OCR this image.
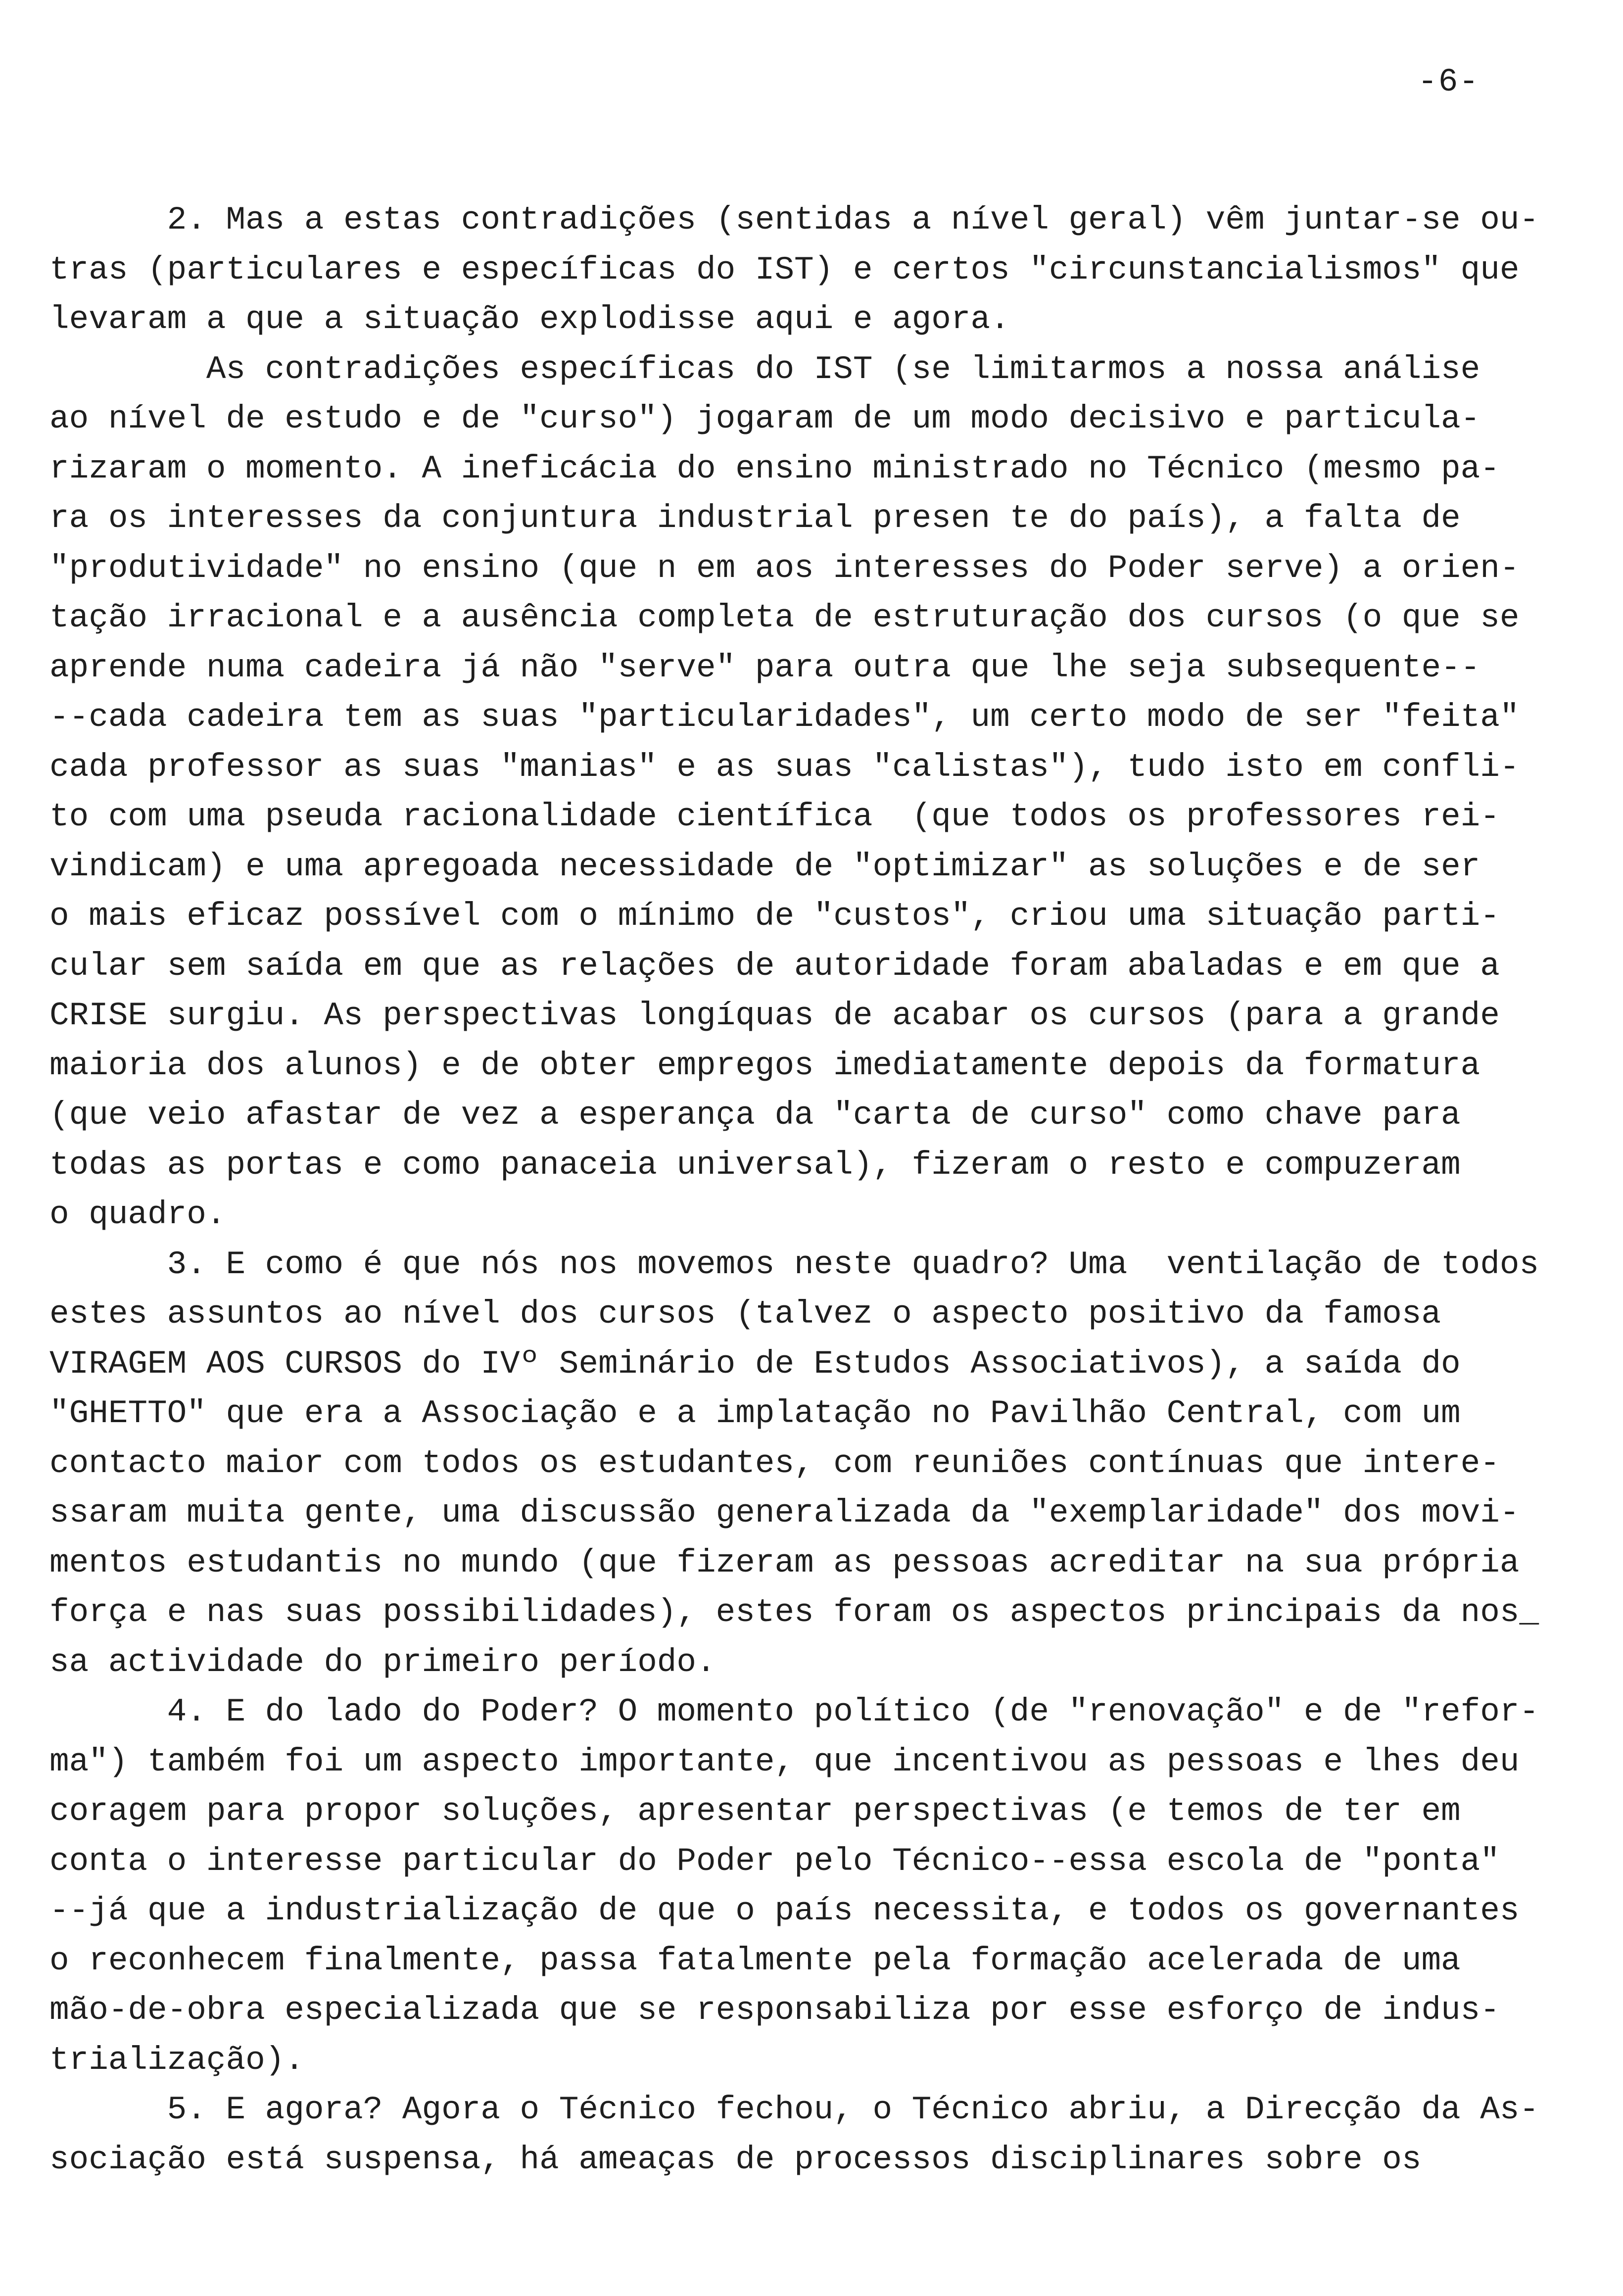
-6-
2. Mas a estas contradições (sentidas a nível geral) vêm juntar-se ou-
tras (particulares e específicas do IST) e certos "circunstancialismos" que
levaram a que a situação explodisse aqui e agora.
As contradições específicas do IST (se limitarmos a nossa análise
ao nível de estudo e de "curso") jogaram de um modo decisivo e particula-
rizaram o momento. A ineficácia do ensino ministrado no Técnico (mesmo pa-
ra os interesses da conjuntura industrial presen te do país), a falta de
"produtividade" no ensino (que n em aos interesses do Poder serve) a orien-
tação irracional e a ausência completa de estruturação dos cursos (o que se
aprende numa cadeira já não "serve" para outra que lhe seja subsequente--
--cada cadeira tem as suas "particularidades", um certo modo de ser "feita"
cada professor as suas "manias" e as suas "calistas"), tudo isto em confli-
to com uma pseuda racionalidade científica  (que todos os professores rei-
vindicam) e uma apregoada necessidade de "optimizar" as soluções e de ser
o mais eficaz possível com o mínimo de "custos", criou uma situação parti-
cular sem saída em que as relações de autoridade foram abaladas e em que a
CRISE surgiu. As perspectivas longíquas de acabar os cursos (para a grande
maioria dos alunos) e de obter empregos imediatamente depois da formatura
(que veio afastar de vez a esperança da "carta de curso" como chave para
todas as portas e como panaceia universal), fizeram o resto e compuzeram
o quadro.
3. E como é que nós nos movemos neste quadro? Uma  ventilação de todos
estes assuntos ao nível dos cursos (talvez o aspecto positivo da famosa
VIRAGEM AOS CURSOS do IVº Seminário de Estudos Associativos), a saída do
"GHETTO" que era a Associação e a implatação no Pavilhão Central, com um
contacto maior com todos os estudantes, com reuniões contínuas que intere-
ssaram muita gente, uma discussão generalizada da "exemplaridade" dos movi-
mentos estudantis no mundo (que fizeram as pessoas acreditar na sua própria
força e nas suas possibilidades), estes foram os aspectos principais da nos_
sa actividade do primeiro período.
4. E do lado do Poder? O momento político (de "renovação" e de "refor-
ma") também foi um aspecto importante, que incentivou as pessoas e lhes deu
coragem para propor soluções, apresentar perspectivas (e temos de ter em
conta o interesse particular do Poder pelo Técnico--essa escola de "ponta"
--já que a industrialização de que o país necessita, e todos os governantes
o reconhecem finalmente, passa fatalmente pela formação acelerada de uma
mão-de-obra especializada que se responsabiliza por esse esforço de indus-
trialização).
5. E agora? Agora o Técnico fechou, o Técnico abriu, a Direcção da As-
sociação está suspensa, há ameaças de processos disciplinares sobre os
